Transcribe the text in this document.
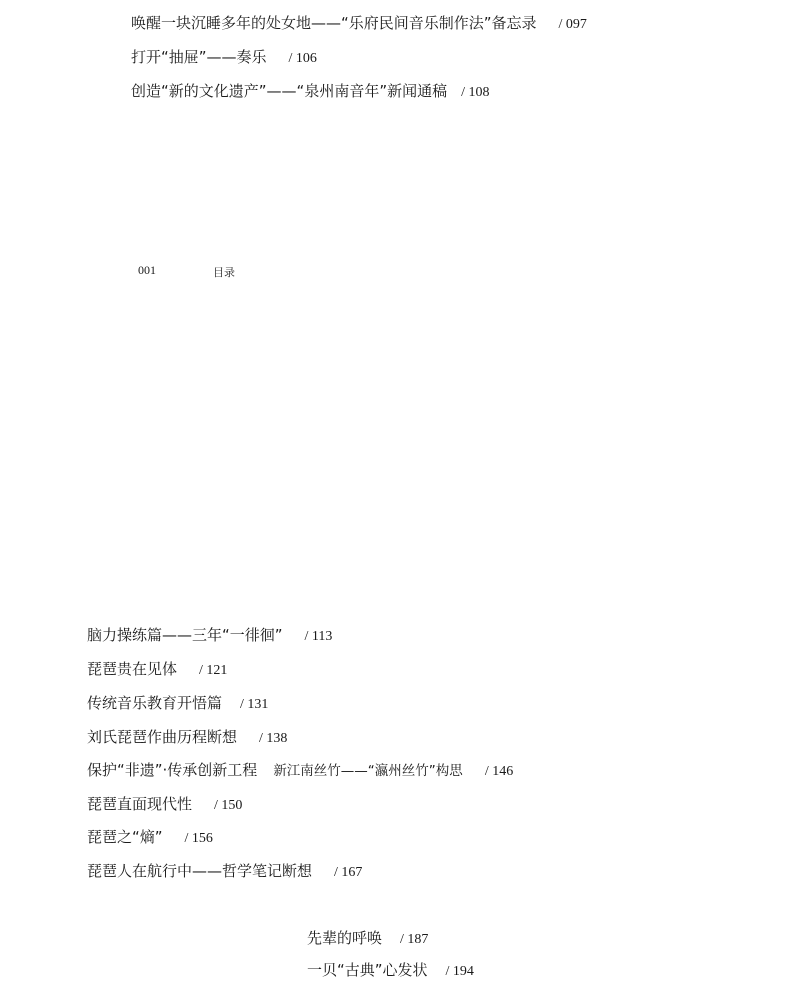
唤醒一块沉睡多年的处女地——“乐府民间音乐制作法”备忘录 / 097
打开“抽屉”——奏乐 / 106
创造“新的文化遗产”——“泉州南音年”新闻通稿 / 108
001	目录
脑力操练篇——三年“一徘徊” / 113
琵琶贵在见体 / 121
传统音乐教育开悟篇 / 131
刘氏琵琶作曲历程断想 / 138
保护“非遗”·传承创新工程 新江南丝竹——“瀛州丝竹”构思 / 146
琵琶直面现代性 / 150
琵琶之“熵” / 156
琵琶人在航行中——哲学笔记断想 / 167
先辈的呼唤 / 187
一贝“古典”心发状 / 194
